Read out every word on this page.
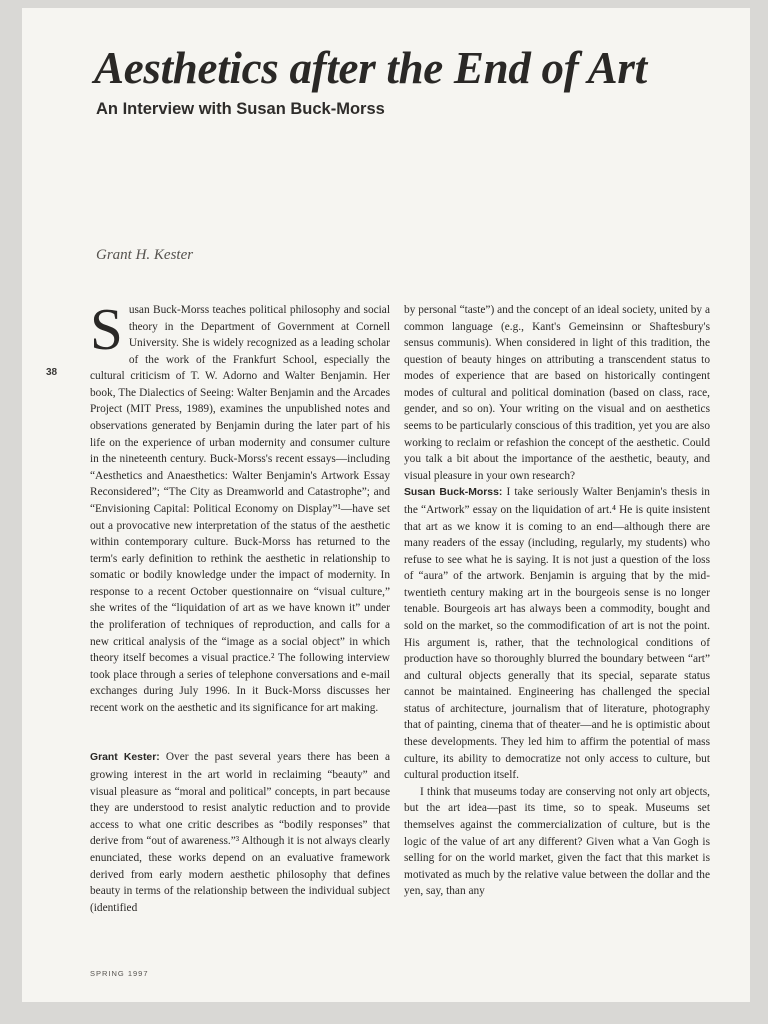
Aesthetics after the End of Art
An Interview with Susan Buck-Morss

Grant H. Kester

38

Susan Buck-Morss teaches political philosophy and social theory in the Department of Government at Cornell University. She is widely recognized as a leading scholar of the work of the Frankfurt School, especially the cultural criticism of T. W. Adorno and Walter Benjamin. Her book, The Dialectics of Seeing: Walter Benjamin and the Arcades Project (MIT Press, 1989), examines the unpublished notes and observations generated by Benjamin during the later part of his life on the experience of urban modernity and consumer culture in the nineteenth century. Buck-Morss's recent essays—including “Aesthetics and Anaesthetics: Walter Benjamin's Artwork Essay Reconsidered”; “The City as Dreamworld and Catastrophe”; and “Envisioning Capital: Political Economy on Display”¹—have set out a provocative new interpretation of the status of the aesthetic within contemporary culture. Buck-Morss has returned to the term's early definition to rethink the aesthetic in relationship to somatic or bodily knowledge under the impact of modernity. In response to a recent October questionnaire on “visual culture,” she writes of the “liquidation of art as we have known it” under the proliferation of techniques of reproduction, and calls for a new critical analysis of the “image as a social object” in which theory itself becomes a visual practice.² The following interview took place through a series of telephone conversations and e-mail exchanges during July 1996. In it Buck-Morss discusses her recent work on the aesthetic and its significance for art making.

Grant Kester: Over the past several years there has been a growing interest in the art world in reclaiming “beauty” and visual pleasure as “moral and political” concepts, in part because they are understood to resist analytic reduction and to provide access to what one critic describes as “bodily responses” that derive from “out of awareness.”³ Although it is not always clearly enunciated, these works depend on an evaluative framework derived from early modern aesthetic philosophy that defines beauty in terms of the relationship between the individual subject (identified

by personal “taste”) and the concept of an ideal society, united by a common language (e.g., Kant's Gemeinsinn or Shaftesbury's sensus communis). When considered in light of this tradition, the question of beauty hinges on attributing a transcendent status to modes of experience that are based on historically contingent modes of cultural and political domination (based on class, race, gender, and so on). Your writing on the visual and on aesthetics seems to be particularly conscious of this tradition, yet you are also working to reclaim or refashion the concept of the aesthetic. Could you talk a bit about the importance of the aesthetic, beauty, and visual pleasure in your own research?

Susan Buck-Morss: I take seriously Walter Benjamin's thesis in the “Artwork” essay on the liquidation of art.⁴ He is quite insistent that art as we know it is coming to an end—although there are many readers of the essay (including, regularly, my students) who refuse to see what he is saying. It is not just a question of the loss of “aura” of the artwork. Benjamin is arguing that by the mid-twentieth century making art in the bourgeois sense is no longer tenable. Bourgeois art has always been a commodity, bought and sold on the market, so the commodification of art is not the point. His argument is, rather, that the technological conditions of production have so thoroughly blurred the boundary between “art” and cultural objects generally that its special, separate status cannot be maintained. Engineering has challenged the special status of architecture, journalism that of literature, photography that of painting, cinema that of theater—and he is optimistic about these developments. They led him to affirm the potential of mass culture, its ability to democratize not only access to culture, but cultural production itself.

I think that museums today are conserving not only art objects, but the art idea—past its time, so to speak. Museums set themselves against the commercialization of culture, but is the logic of the value of art any different? Given what a Van Gogh is selling for on the world market, given the fact that this market is motivated as much by the relative value between the dollar and the yen, say, than any

SPRING 1997
